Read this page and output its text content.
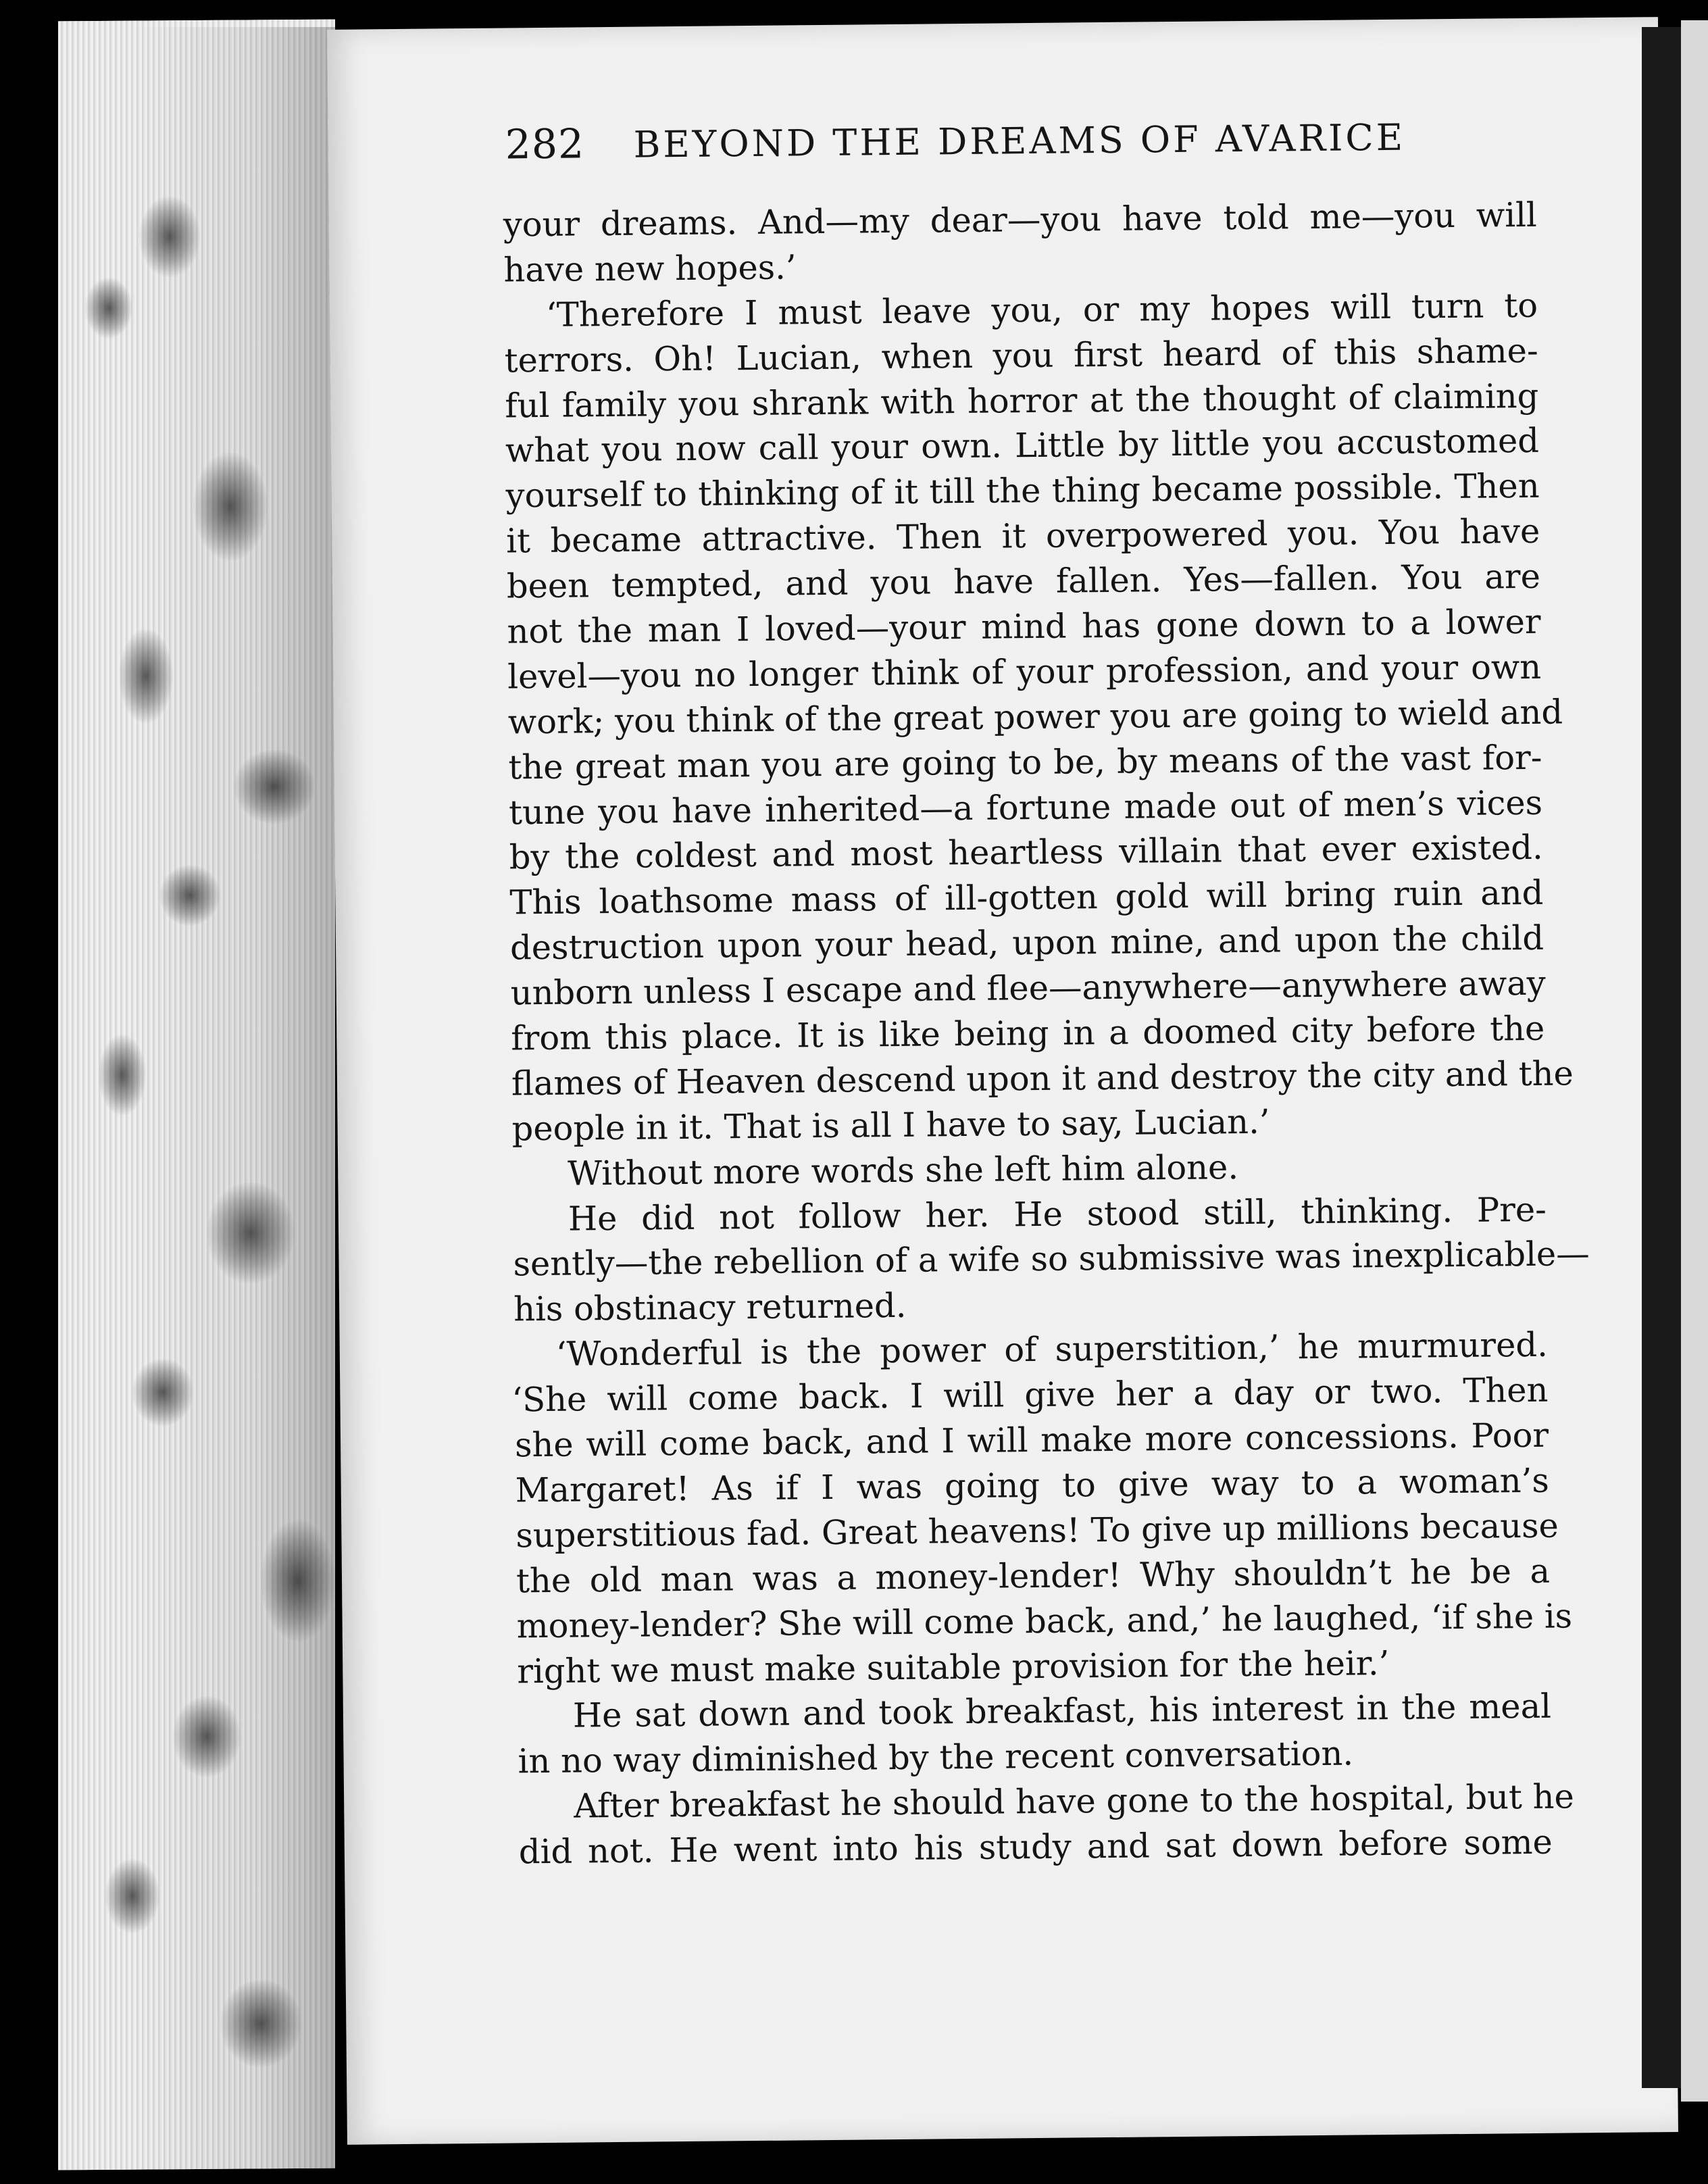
282 BEYOND THE DREAMS OF AVARICE
your dreams. And—my dear—you have told me—you will
have new hopes.’
‘Therefore I must leave you, or my hopes will turn to
terrors. Oh! Lucian, when you first heard of this shame-
ful family you shrank with horror at the thought of claiming
what you now call your own. Little by little you accustomed
yourself to thinking of it till the thing became possible. Then
it became attractive. Then it overpowered you. You have
been tempted, and you have fallen. Yes—fallen. You are
not the man I loved—your mind has gone down to a lower
level—you no longer think of your profession, and your own
work; you think of the great power you are going to wield and
the great man you are going to be, by means of the vast for-
tune you have inherited—a fortune made out of men’s vices
by the coldest and most heartless villain that ever existed.
This loathsome mass of ill-gotten gold will bring ruin and
destruction upon your head, upon mine, and upon the child
unborn unless I escape and flee—anywhere—anywhere away
from this place. It is like being in a doomed city before the
flames of Heaven descend upon it and destroy the city and the
people in it. That is all I have to say, Lucian.’
Without more words she left him alone.
He did not follow her. He stood still, thinking. Pre-
sently—the rebellion of a wife so submissive was inexplicable—
his obstinacy returned.
‘Wonderful is the power of superstition,’ he murmured.
‘She will come back. I will give her a day or two. Then
she will come back, and I will make more concessions. Poor
Margaret! As if I was going to give way to a woman’s
superstitious fad. Great heavens! To give up millions because
the old man was a money-lender! Why shouldn’t he be a
money-lender? She will come back, and,’ he laughed, ‘if she is
right we must make suitable provision for the heir.’
He sat down and took breakfast, his interest in the meal
in no way diminished by the recent conversation.
After breakfast he should have gone to the hospital, but he
did not. He went into his study and sat down before some
